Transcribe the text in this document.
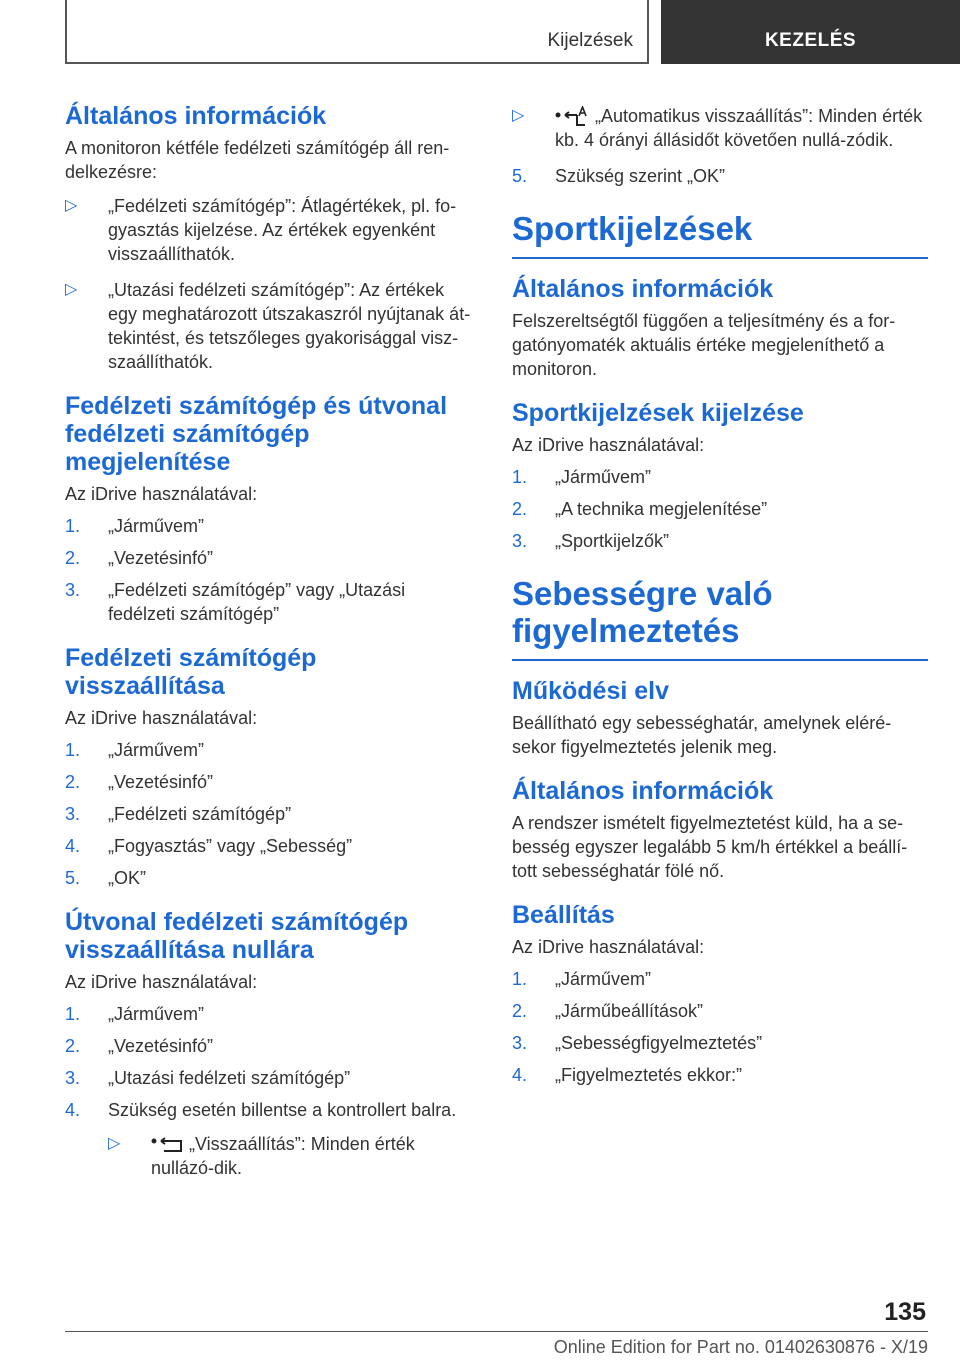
Kijelzések	KEZELÉS
Általános információk
A monitoron kétféle fedélzeti számítógép áll ren-delkezésre:
▷ „Fedélzeti számítógép”: Átlagértékek, pl. fo-gyasztás kijelzése. Az értékek egyenként visszaállíthatók.
▷ „Utazási fedélzeti számítógép”: Az értékek egy meghatározott útszakaszról nyújtanak át-tekintést, és tetszőleges gyakorisággal visz-szaállíthatók.
Fedélzeti számítógép és útvonal fedélzeti számítógép megjelenítése
Az iDrive használatával:
1. „Járművem”
2. „Vezetésinfó”
3. „Fedélzeti számítógép” vagy „Utazási fedélzeti számítógép”
Fedélzeti számítógép visszaállítása
Az iDrive használatával:
1. „Járművem”
2. „Vezetésinfó”
3. „Fedélzeti számítógép”
4. „Fogyasztás” vagy „Sebesség”
5. „OK”
Útvonal fedélzeti számítógép visszaállítása nullára
Az iDrive használatával:
1. „Járművem”
2. „Vezetésinfó”
3. „Utazási fedélzeti számítógép”
4. Szükség esetén billentse a kontrollert balra.
▷	„Visszaállítás”: Minden érték nullázó-dik.
▷	„Automatikus visszaállítás”: Minden érték kb. 4 órányi állásidőt követően nullá-zódik.
5. Szükség szerint „OK”
Sportkijelzések
Általános információk
Felszereltségtől függően a teljesítmény és a for-gatónyomaték aktuális értéke megjeleníthető a monitoron.
Sportkijelzések kijelzése
Az iDrive használatával:
1. „Járművem”
2. „A technika megjelenítése”
3. „Sportkijelzők”
Sebességre való figyelmeztetés
Működési elv
Beállítható egy sebességhatár, amelynek eléré-sekor figyelmeztetés jelenik meg.
Általános információk
A rendszer ismételt figyelmeztetést küld, ha a se-besség egyszer legalább 5 km/h értékkel a beállí-tott sebességhatár fölé nő.
Beállítás
Az iDrive használatával:
1. „Járművem”
2. „Járműbeállítások”
3. „Sebességfigyelmeztetés”
4. „Figyelmeztetés ekkor:”
135
Online Edition for Part no. 01402630876 - X/19
